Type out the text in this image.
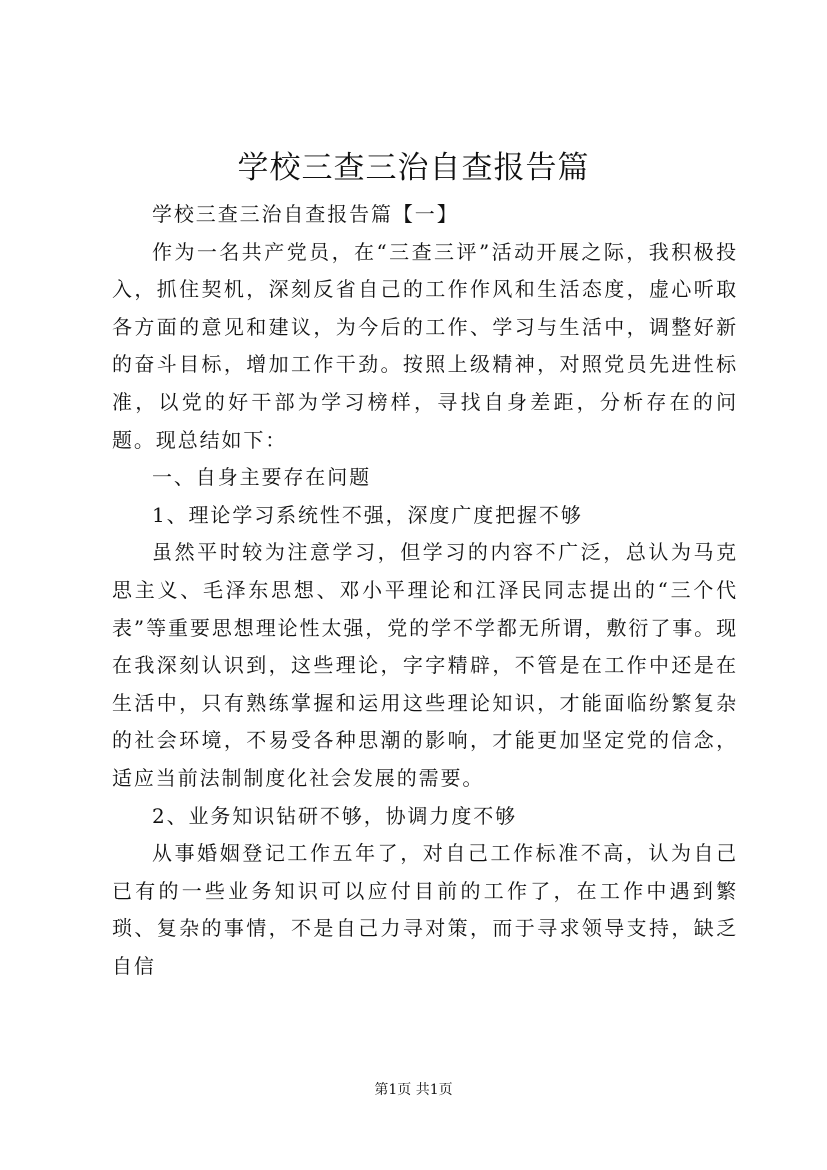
学校三查三治自查报告篇

学校三查三治自查报告篇【一】

作为一名共产党员，在“三查三评”活动开展之际，我积极投入，抓住契机，深刻反省自己的工作作风和生活态度，虚心听取各方面的意见和建议，为今后的工作、学习与生活中，调整好新的奋斗目标，增加工作干劲。按照上级精神，对照党员先进性标准，以党的好干部为学习榜样，寻找自身差距，分析存在的问题。现总结如下：

一、自身主要存在问题

1、理论学习系统性不强，深度广度把握不够

虽然平时较为注意学习，但学习的内容不广泛，总认为马克思主义、毛泽东思想、邓小平理论和江泽民同志提出的“三个代表”等重要思想理论性太强，党的学不学都无所谓，敷衍了事。现在我深刻认识到，这些理论，字字精辟，不管是在工作中还是在生活中，只有熟练掌握和运用这些理论知识，才能面临纷繁复杂的社会环境，不易受各种思潮的影响，才能更加坚定党的信念，适应当前法制制度化社会发展的需要。

2、业务知识钻研不够，协调力度不够

从事婚姻登记工作五年了，对自己工作标准不高，认为自己已有的一些业务知识可以应付目前的工作了，在工作中遇到繁琐、复杂的事情，不是自己力寻对策，而于寻求领导支持，缺乏自信

第1页 共1页
